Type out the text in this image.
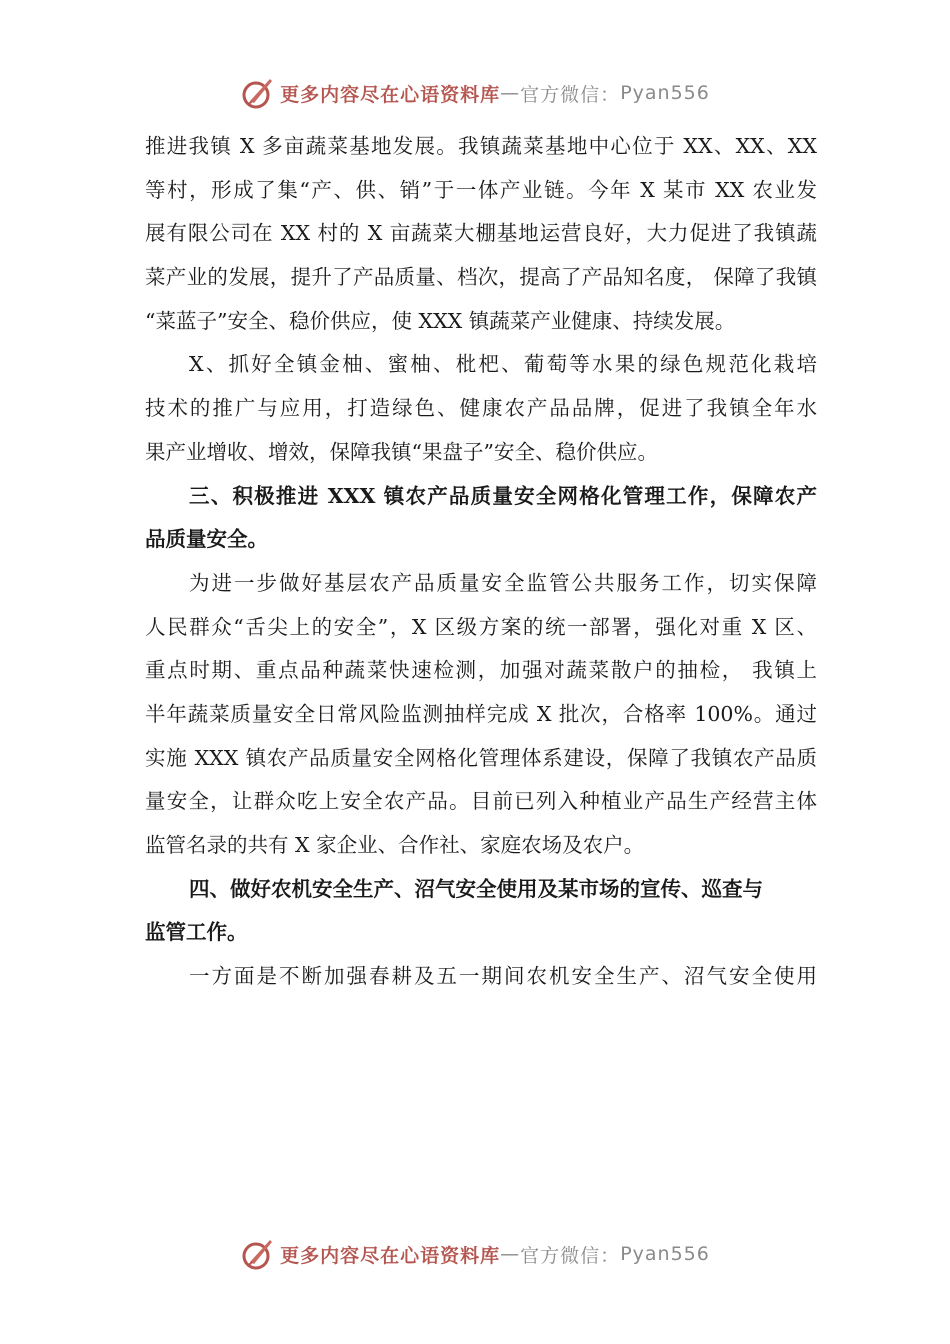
更多内容尽在心语资料库 — 官方微信： Pyan556
推进我镇 X 多亩蔬菜基地发展。我镇蔬菜基地中心位于 XX、XX、XX
等村，形成了集“产、供、销”于一体产业链。今年 X 某市 XX 农业发
展有限公司在 XX 村的 X 亩蔬菜大棚基地运营良好，大力促进了我镇蔬
菜产业的发展，提升了产品质量、档次，提高了产品知名度， 保障了我镇
“菜蓝子”安全、稳价供应，使 XXX 镇蔬菜产业健康、持续发展。
X、抓好全镇金柚、蜜柚、枇杷、葡萄等水果的绿色规范化栽培
技术的推广与应用，打造绿色、健康农产品品牌，促进了我镇全年水
果产业增收、增效，保障我镇“果盘子”安全、稳价供应。
三、积极推进 XXX 镇农产品质量安全网格化管理工作，保障农产
品质量安全。
为进一步做好基层农产品质量安全监管公共服务工作，切实保障
人民群众“舌尖上的安全”，X 区级方案的统一部署，强化对重 X 区、
重点时期、重点品种蔬菜快速检测，加强对蔬菜散户的抽检， 我镇上
半年蔬菜质量安全日常风险监测抽样完成 X 批次，合格率 100%。通过
实施 XXX 镇农产品质量安全网格化管理体系建设，保障了我镇农产品质
量安全，让群众吃上安全农产品。目前已列入种植业产品生产经营主体
监管名录的共有 X 家企业、合作社、家庭农场及农户。
四、做好农机安全生产、沼气安全使用及某市场的宣传、巡查与
监管工作。
一方面是不断加强春耕及五一期间农机安全生产、沼气安全使用
更多内容尽在心语资料库 — 官方微信： Pyan556
